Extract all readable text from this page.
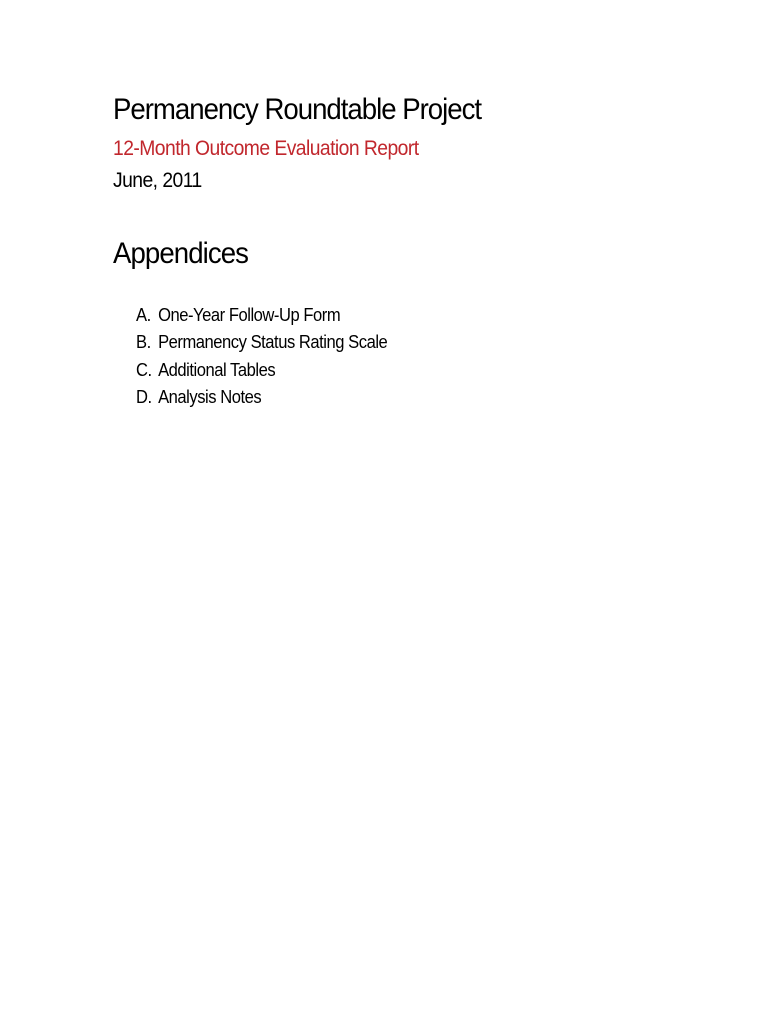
Permanency Roundtable Project
12-Month Outcome Evaluation Report
June, 2011
Appendices
A. One-Year Follow-Up Form
B. Permanency Status Rating Scale
C. Additional Tables
D. Analysis Notes
